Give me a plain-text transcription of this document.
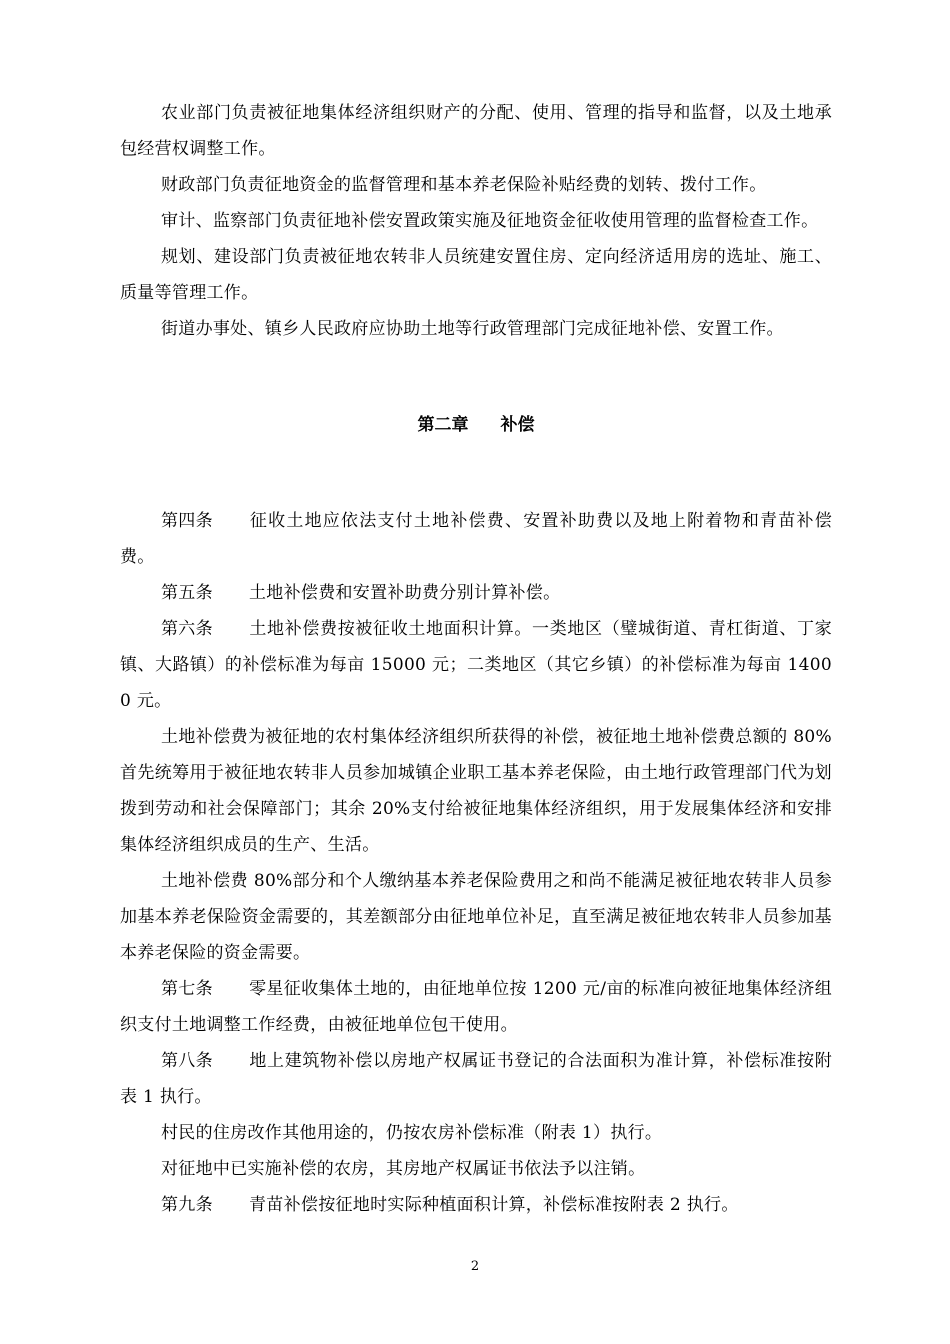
农业部门负责被征地集体经济组织财产的分配、使用、管理的指导和监督，以及土地承包经营权调整工作。

财政部门负责征地资金的监督管理和基本养老保险补贴经费的划转、拨付工作。

审计、监察部门负责征地补偿安置政策实施及征地资金征收使用管理的监督检查工作。

规划、建设部门负责被征地农转非人员统建安置住房、定向经济适用房的选址、施工、质量等管理工作。

街道办事处、镇乡人民政府应协助土地等行政管理部门完成征地补偿、安置工作。

第二章 补偿

第四条 征收土地应依法支付土地补偿费、安置补助费以及地上附着物和青苗补偿费。

第五条 土地补偿费和安置补助费分别计算补偿。

第六条 土地补偿费按被征收土地面积计算。一类地区（璧城街道、青杠街道、丁家镇、大路镇）的补偿标准为每亩 15000 元；二类地区（其它乡镇）的补偿标准为每亩 14000 元。

土地补偿费为被征地的农村集体经济组织所获得的补偿，被征地土地补偿费总额的 80%首先统筹用于被征地农转非人员参加城镇企业职工基本养老保险，由土地行政管理部门代为划拨到劳动和社会保障部门；其余 20%支付给被征地集体经济组织，用于发展集体经济和安排集体经济组织成员的生产、生活。

土地补偿费 80%部分和个人缴纳基本养老保险费用之和尚不能满足被征地农转非人员参加基本养老保险资金需要的，其差额部分由征地单位补足，直至满足被征地农转非人员参加基本养老保险的资金需要。

第七条 零星征收集体土地的，由征地单位按 1200 元/亩的标准向被征地集体经济组织支付土地调整工作经费，由被征地单位包干使用。

第八条 地上建筑物补偿以房地产权属证书登记的合法面积为准计算，补偿标准按附表 1 执行。

村民的住房改作其他用途的，仍按农房补偿标准（附表 1）执行。

对征地中已实施补偿的农房，其房地产权属证书依法予以注销。

第九条 青苗补偿按征地时实际种植面积计算，补偿标准按附表 2 执行。

2
